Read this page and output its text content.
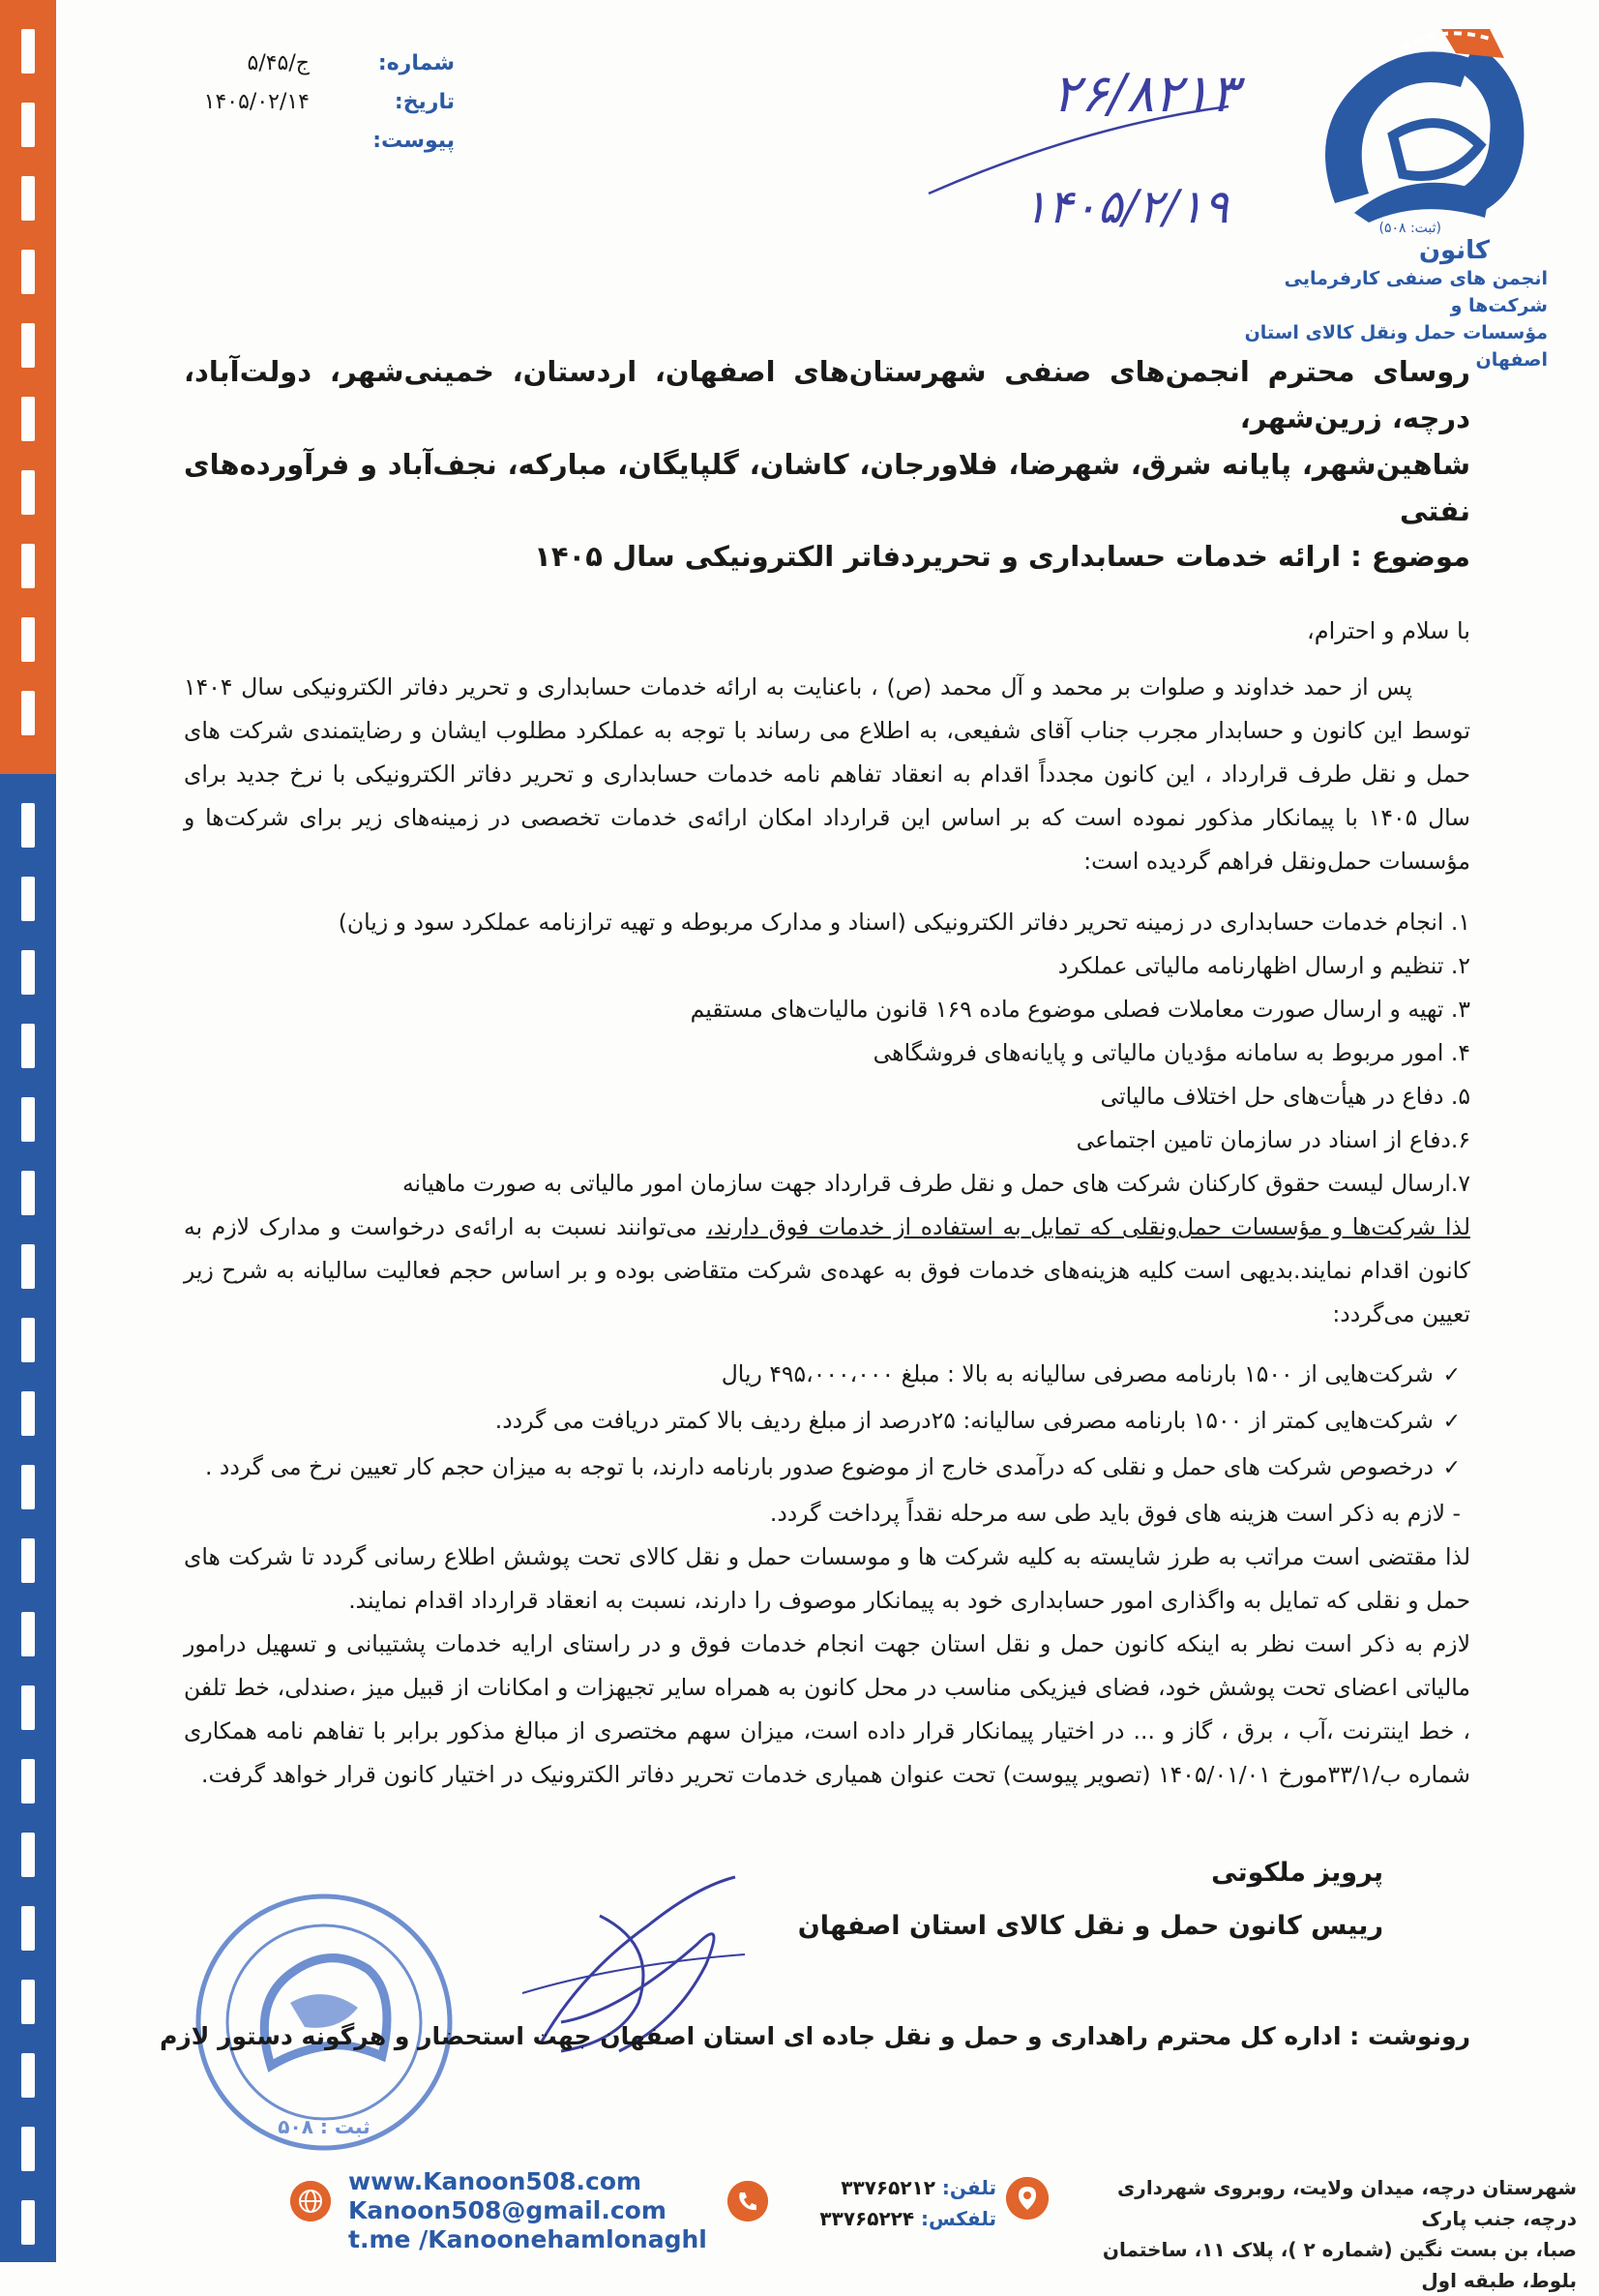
(ثبت: ۵۰۸)
کانون
انجمن های صنفی کارفرمایی شرکت‌ها و
مؤسسات حمل ونقل کالای استان اصفهان
شماره:
ج/۵/۴۵
تاریخ:
۱۴۰۵/۰۲/۱۴
پیوست:
۲۶/۸۲۱۳
۱۴۰۵/۲/۱۹
روسای محترم انجمن‌های صنفی شهرستان‌های اصفهان، اردستان، خمینی‌شهر، دولت‌آباد، درچه، زرین‌شهر،
شاهین‌شهر، پایانه شرق، شهرضا، فلاورجان، کاشان، گلپایگان، مبارکه، نجف‌آباد و فرآورده‌های نفتی
موضوع : ارائه خدمات حسابداری و تحریردفاتر الکترونیکی سال ۱۴۰۵
با سلام و احترام،
پس از حمد خداوند و صلوات بر محمد و آل محمد (ص) ، باعنایت به ارائه خدمات حسابداری و تحریر دفاتر الکترونیکی سال ۱۴۰۴ توسط این کانون و حسابدار مجرب جناب آقای شفیعی، به اطلاع می رساند با توجه به عملکرد مطلوب ایشان و رضایتمندی شرکت های حمل و نقل طرف قرارداد ، این کانون مجدداً اقدام به انعقاد تفاهم نامه خدمات حسابداری و تحریر دفاتر الکترونیکی با نرخ جدید برای سال ۱۴۰۵ با پیمانکار مذکور نموده است که بر اساس این قرارداد امکان ارائه‌ی خدمات تخصصی در زمینه‌های زیر برای شرکت‌ها و مؤسسات حمل‌ونقل فراهم گردیده است:
۱. انجام خدمات حسابداری در زمینه تحریر دفاتر الکترونیکی (اسناد و مدارک مربوطه و تهیه ترازنامه عملکرد سود و زیان)
۲. تنظیم و ارسال اظهارنامه مالیاتی عملکرد
۳. تهیه و ارسال صورت معاملات فصلی موضوع ماده ۱۶۹ قانون مالیات‌های مستقیم
۴. امور مربوط به سامانه مؤدیان مالیاتی و پایانه‌های فروشگاهی
۵. دفاع در هیأت‌های حل اختلاف مالیاتی
۶.دفاع از اسناد در سازمان تامین اجتماعی
۷.ارسال لیست حقوق کارکنان شرکت های حمل و نقل طرف قرارداد جهت سازمان امور مالیاتی به صورت ماهیانه
لذا شرکت‌ها و مؤسسات حمل‌ونقلی که تمایل به استفاده از خدمات فوق دارند، می‌توانند نسبت به ارائه‌ی درخواست و مدارک لازم به کانون اقدام نمایند.بدیهی است کلیه هزینه‌های خدمات فوق به عهده‌ی شرکت متقاضی بوده و بر اساس حجم فعالیت سالیانه به شرح زیر تعیین می‌گردد:
✓شرکت‌هایی از ۱۵۰۰ بارنامه مصرفی سالیانه به بالا : مبلغ ۴۹۵،۰۰۰،۰۰۰ ریال
✓شرکت‌هایی کمتر از ۱۵۰۰ بارنامه مصرفی سالیانه: ۲۵درصد از مبلغ ردیف بالا کمتر دریافت می گردد.
✓درخصوص شرکت های حمل و نقلی که درآمدی خارج از موضوع صدور بارنامه دارند، با توجه به میزان حجم کار تعیین نرخ می گردد .
- لازم به ذکر است هزینه های فوق باید طی سه مرحله نقداً پرداخت گردد.
لذا مقتضی است مراتب به طرز شایسته به کلیه شرکت ها و موسسات حمل و نقل کالای تحت پوشش اطلاع رسانی گردد تا شرکت های حمل و نقلی که تمایل به واگذاری امور حسابداری خود به پیمانکار موصوف را دارند، نسبت به انعقاد قرارداد اقدام نمایند.
لازم به ذکر است نظر به اینکه کانون حمل و نقل استان جهت انجام خدمات فوق و در راستای ارایه خدمات پشتیبانی و تسهیل درامور مالیاتی اعضای تحت پوشش خود، فضای فیزیکی مناسب در محل کانون به همراه سایر تجیهزات و امکانات از قبیل میز ،صندلی، خط تلفن ، خط اینترنت ،آب ، برق ، گاز و ... در اختیار پیمانکار قرار داده است، میزان سهم مختصری از مبالغ مذکور برابر با تفاهم نامه همکاری شماره ب/۳۳/۱مورخ ۱۴۰۵/۰۱/۰۱ (تصویر پیوست) تحت عنوان همیاری خدمات تحریر دفاتر الکترونیک در اختیار کانون قرار خواهد گرفت.
پرویز ملکوتی
رییس کانون حمل و نقل کالای استان اصفهان
ثبت : ۵۰۸
رونوشت : اداره کل محترم راهداری و حمل و نقل جاده ای استان اصفهان جهت استحضار و هرگونه دستور لازم
شهرستان درچه، میدان ولایت، روبروی شهرداری درچه، جنب پارک
صبا، بن بست نگین (شماره ۲ )، پلاک ۱۱، ساختمان بلوط، طبقه اول
تلفن: ۳۳۷۶۵۲۱۲
تلفکس: ۳۳۷۶۵۲۲۴
www.Kanoon508.com
Kanoon508@gmail.com
t.me /Kanoonehamlonaghl
